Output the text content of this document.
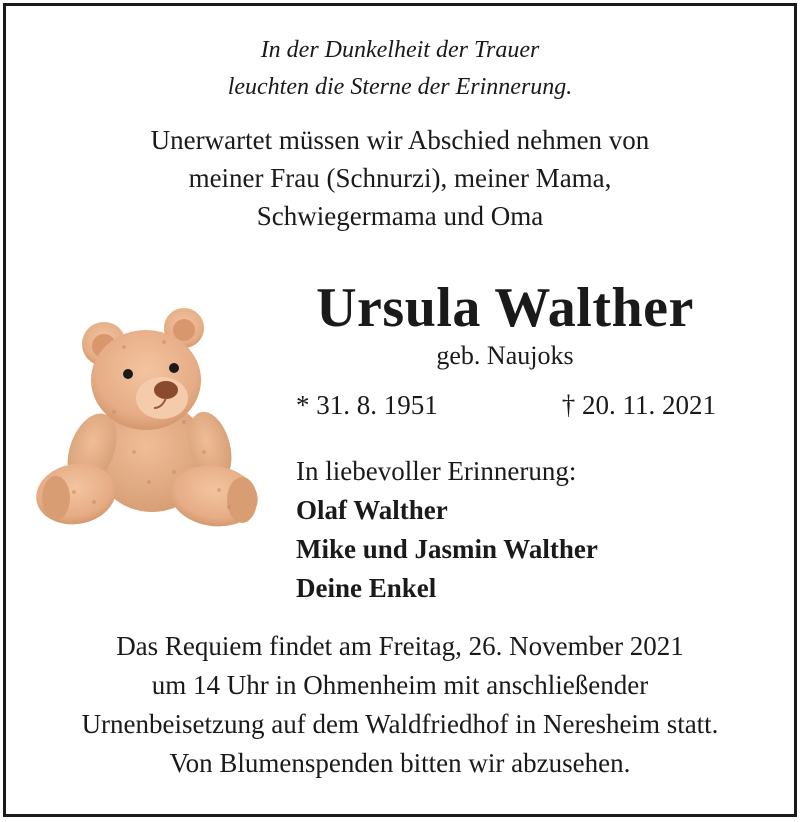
In der Dunkelheit der Trauer
leuchten die Sterne der Erinnerung.
Unerwartet müssen wir Abschied nehmen von
meiner Frau (Schnurzi), meiner Mama,
Schwiegermama und Oma
Ursula Walther
geb. Naujoks
* 31. 8. 1951	† 20. 11. 2021
In liebevoller Erinnerung:
Olaf Walther
Mike und Jasmin Walther
Deine Enkel
Das Requiem findet am Freitag, 26. November 2021
um 14 Uhr in Ohmenheim mit anschließender
Urnenbeisetzung auf dem Waldfriedhof in Neresheim statt.
Von Blumenspenden bitten wir abzusehen.
